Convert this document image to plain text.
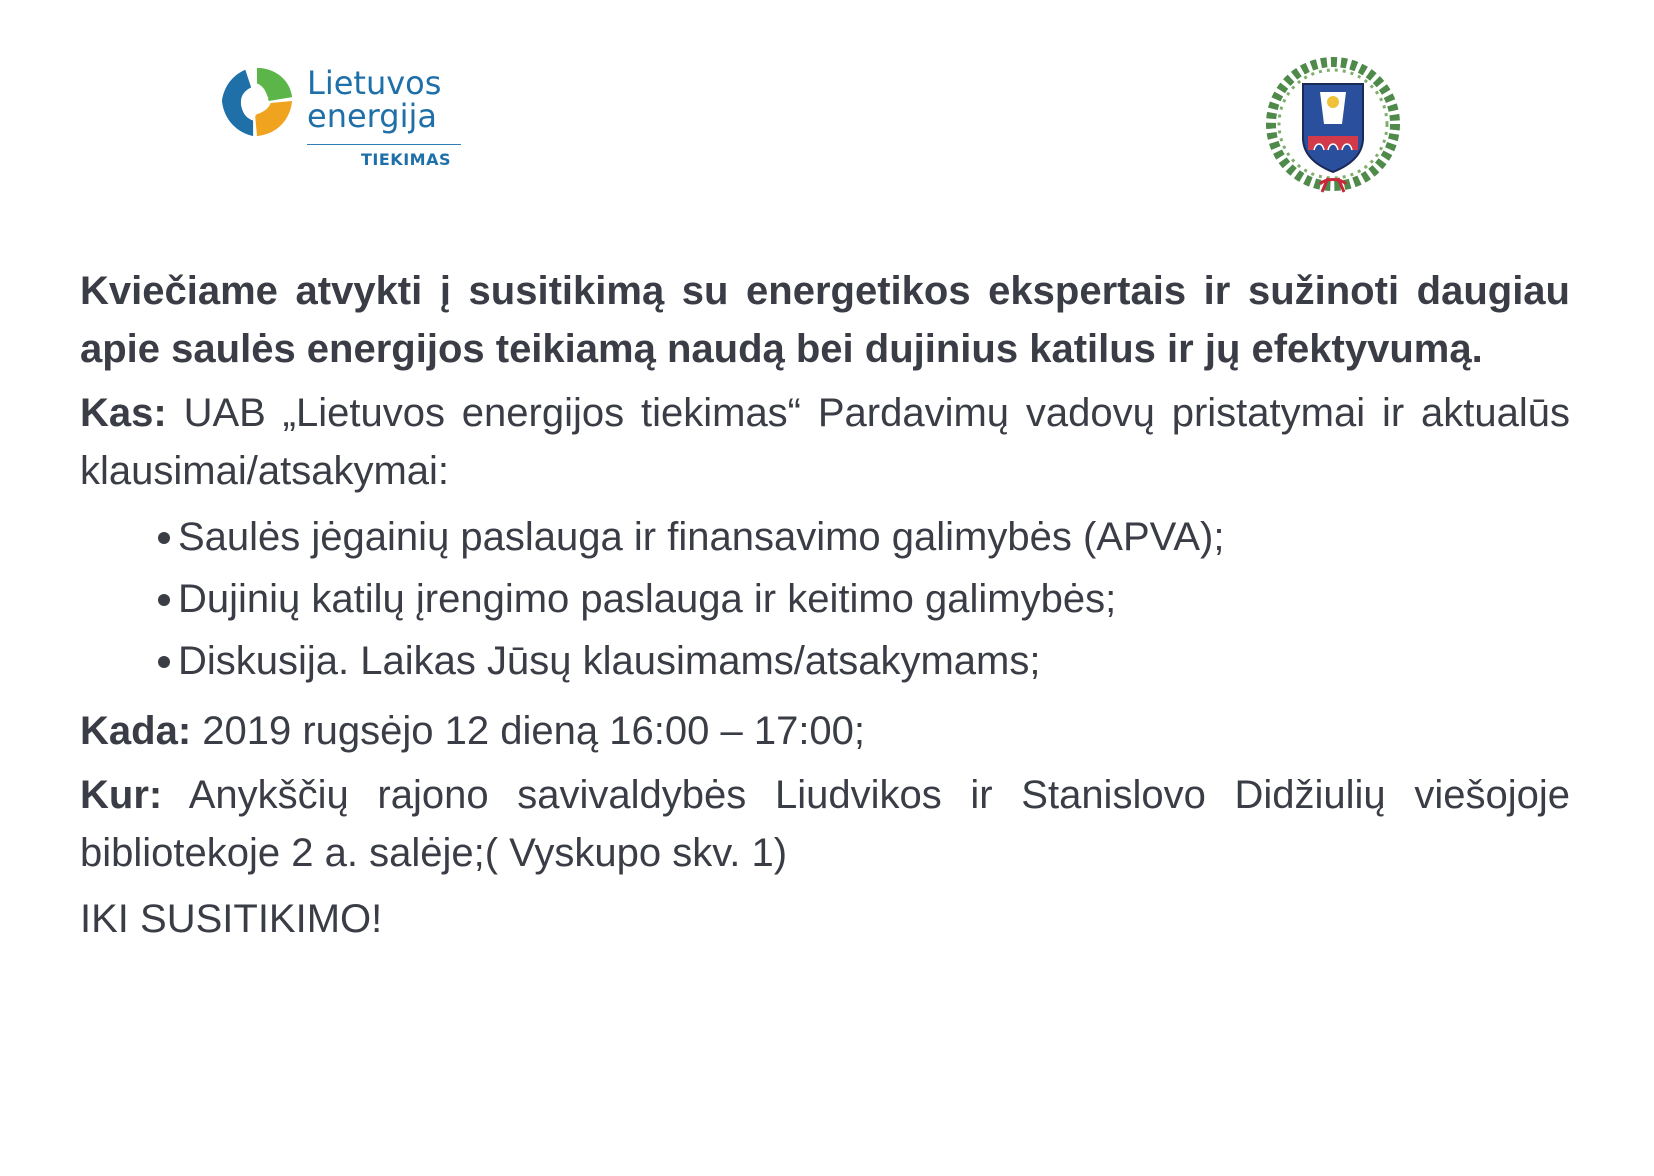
Lietuvos
energija
TIEKIMAS

Kviečiame atvykti į susitikimą su energetikos ekspertais ir sužinoti daugiau apie saulės energijos teikiamą naudą bei dujinius katilus ir jų efektyvumą.

Kas: UAB „Lietuvos energijos tiekimas“ Pardavimų vadovų pristatymai ir aktualūs klausimai/atsakymai:

Saulės jėgainių paslauga ir finansavimo galimybės (APVA);
Dujinių katilų įrengimo paslauga ir keitimo galimybės;
Diskusija. Laikas Jūsų klausimams/atsakymams;

Kada: 2019 rugsėjo 12 dieną 16:00 – 17:00;

Kur: Anykščių rajono savivaldybės Liudvikos ir Stanislovo Didžiulių viešojoje bibliotekoje 2 a. salėje;( Vyskupo skv. 1)

IKI SUSITIKIMO!
